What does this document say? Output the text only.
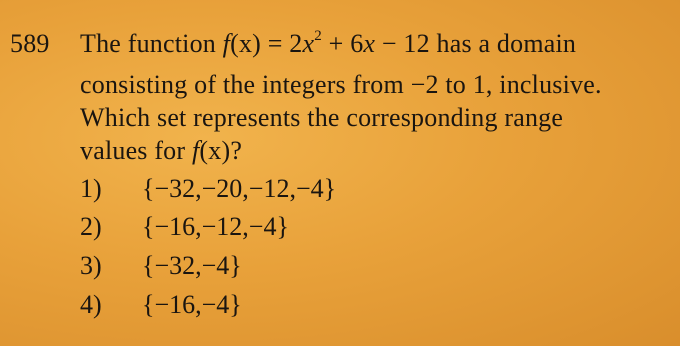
589 The function $f(x) = 2x^2 + 6x - 12$ has a domain
consisting of the integers from −2 to 1, inclusive.
Which set represents the corresponding range
values for f(x)?
1) {−32,−20,−12,−4}
2) {−16,−12,−4}
3) {−32,−4}
4) {−16,−4}
